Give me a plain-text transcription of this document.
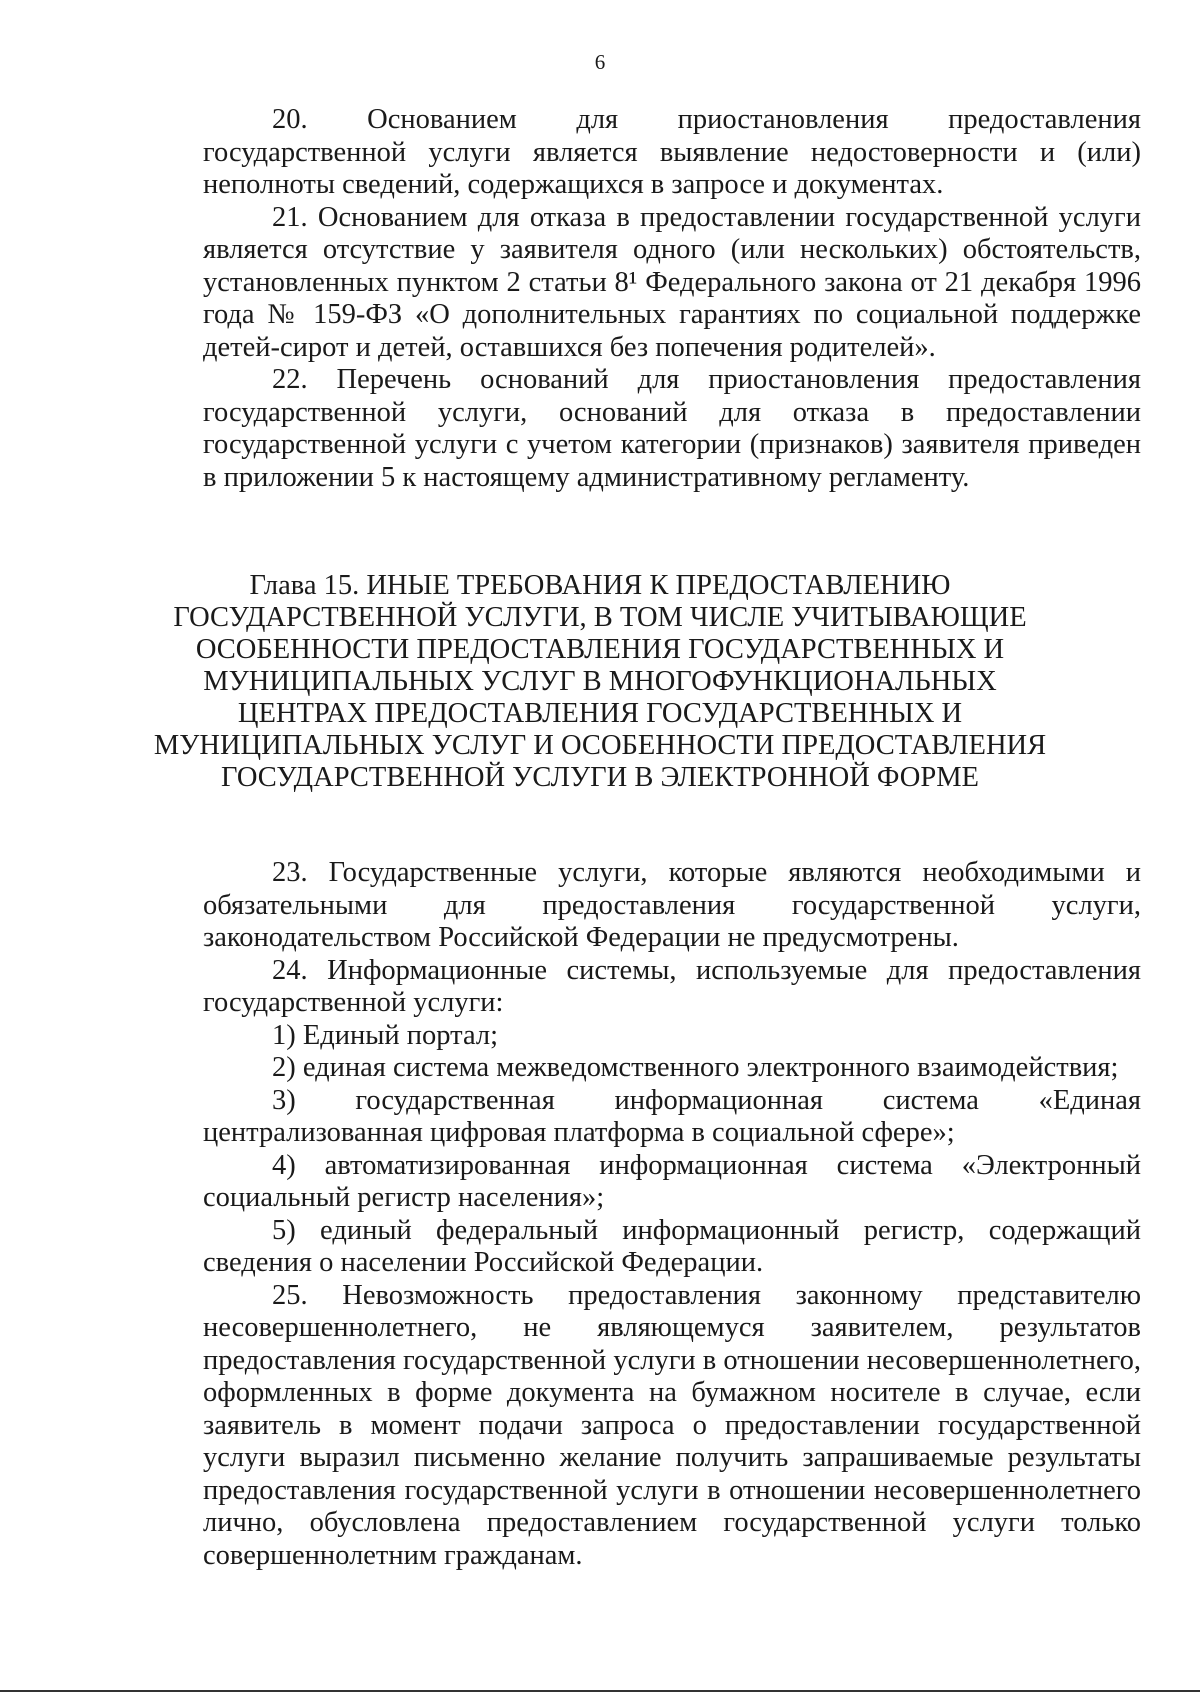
6

20. Основанием для приостановления предоставления государственной услуги является выявление недостоверности и (или) неполноты сведений, содержащихся в запросе и документах.

21. Основанием для отказа в предоставлении государственной услуги является отсутствие у заявителя одного (или нескольких) обстоятельств, установленных пунктом 2 статьи 8¹ Федерального закона от 21 декабря 1996 года № 159-ФЗ «О дополнительных гарантиях по социальной поддержке детей-сирот и детей, оставшихся без попечения родителей».

22. Перечень оснований для приостановления предоставления государственной услуги, оснований для отказа в предоставлении государственной услуги с учетом категории (признаков) заявителя приведен в приложении 5 к настоящему административному регламенту.

Глава 15. ИНЫЕ ТРЕБОВАНИЯ К ПРЕДОСТАВЛЕНИЮ ГОСУДАРСТВЕННОЙ УСЛУГИ, В ТОМ ЧИСЛЕ УЧИТЫВАЮЩИЕ ОСОБЕННОСТИ ПРЕДОСТАВЛЕНИЯ ГОСУДАРСТВЕННЫХ И МУНИЦИПАЛЬНЫХ УСЛУГ В МНОГОФУНКЦИОНАЛЬНЫХ ЦЕНТРАХ ПРЕДОСТАВЛЕНИЯ ГОСУДАРСТВЕННЫХ И МУНИЦИПАЛЬНЫХ УСЛУГ И ОСОБЕННОСТИ ПРЕДОСТАВЛЕНИЯ ГОСУДАРСТВЕННОЙ УСЛУГИ В ЭЛЕКТРОННОЙ ФОРМЕ

23. Государственные услуги, которые являются необходимыми и обязательными для предоставления государственной услуги, законодательством Российской Федерации не предусмотрены.

24. Информационные системы, используемые для предоставления государственной услуги:

1) Единый портал;

2) единая система межведомственного электронного взаимодействия;

3) государственная информационная система «Единая централизованная цифровая платформа в социальной сфере»;

4) автоматизированная информационная система «Электронный социальный регистр населения»;

5) единый федеральный информационный регистр, содержащий сведения о населении Российской Федерации.

25. Невозможность предоставления законному представителю несовершеннолетнего, не являющемуся заявителем, результатов предоставления государственной услуги в отношении несовершеннолетнего, оформленных в форме документа на бумажном носителе в случае, если заявитель в момент подачи запроса о предоставлении государственной услуги выразил письменно желание получить запрашиваемые результаты предоставления государственной услуги в отношении несовершеннолетнего лично, обусловлена предоставлением государственной услуги только совершеннолетним гражданам.
